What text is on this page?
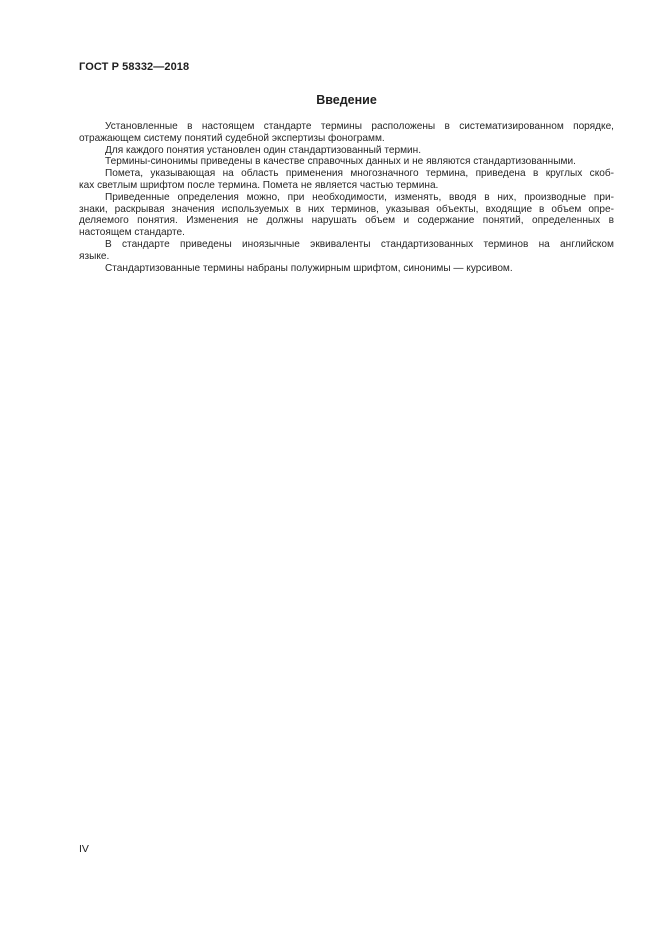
ГОСТ Р 58332—2018
Введение

Установленные в настоящем стандарте термины расположены в систематизированном порядке,
отражающем систему понятий судебной экспертизы фонограмм.

Для каждого понятия установлен один стандартизованный термин.

Термины-синонимы приведены в качестве справочных данных и не являются стандартизованными.

Помета, указывающая на область применения многозначного термина, приведена в круглых скоб-
ках светлым шрифтом после термина. Помета не является частью термина.

Приведенные определения можно, при необходимости, изменять, вводя в них, производные при-
знаки, раскрывая значения используемых в них терминов, указывая объекты, входящие в объем опре-
деляемого понятия. Изменения не должны нарушать объем и содержание понятий, определенных в
настоящем стандарте.

В стандарте приведены иноязычные эквиваленты стандартизованных терминов на английском
языке.

Стандартизованные термины набраны полужирным шрифтом, синонимы — курсивом.

IV
